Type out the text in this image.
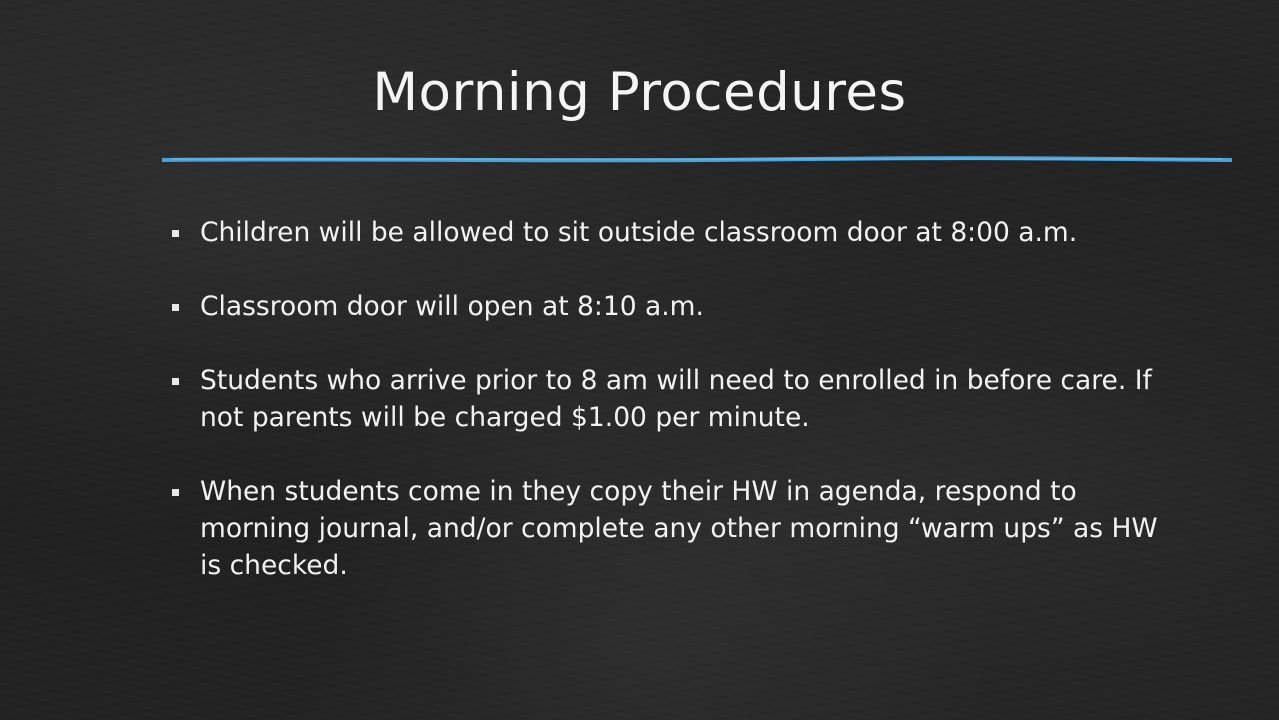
Morning Procedures
Children will be allowed to sit outside classroom door at 8:00 a.m.
Classroom door will open at 8:10 a.m.
Students who arrive prior to 8 am will need to enrolled in before care. If not parents will be charged $1.00 per minute.
When students come in they copy their HW in agenda, respond to morning journal, and/or complete any other morning “warm ups” as HW is checked.
